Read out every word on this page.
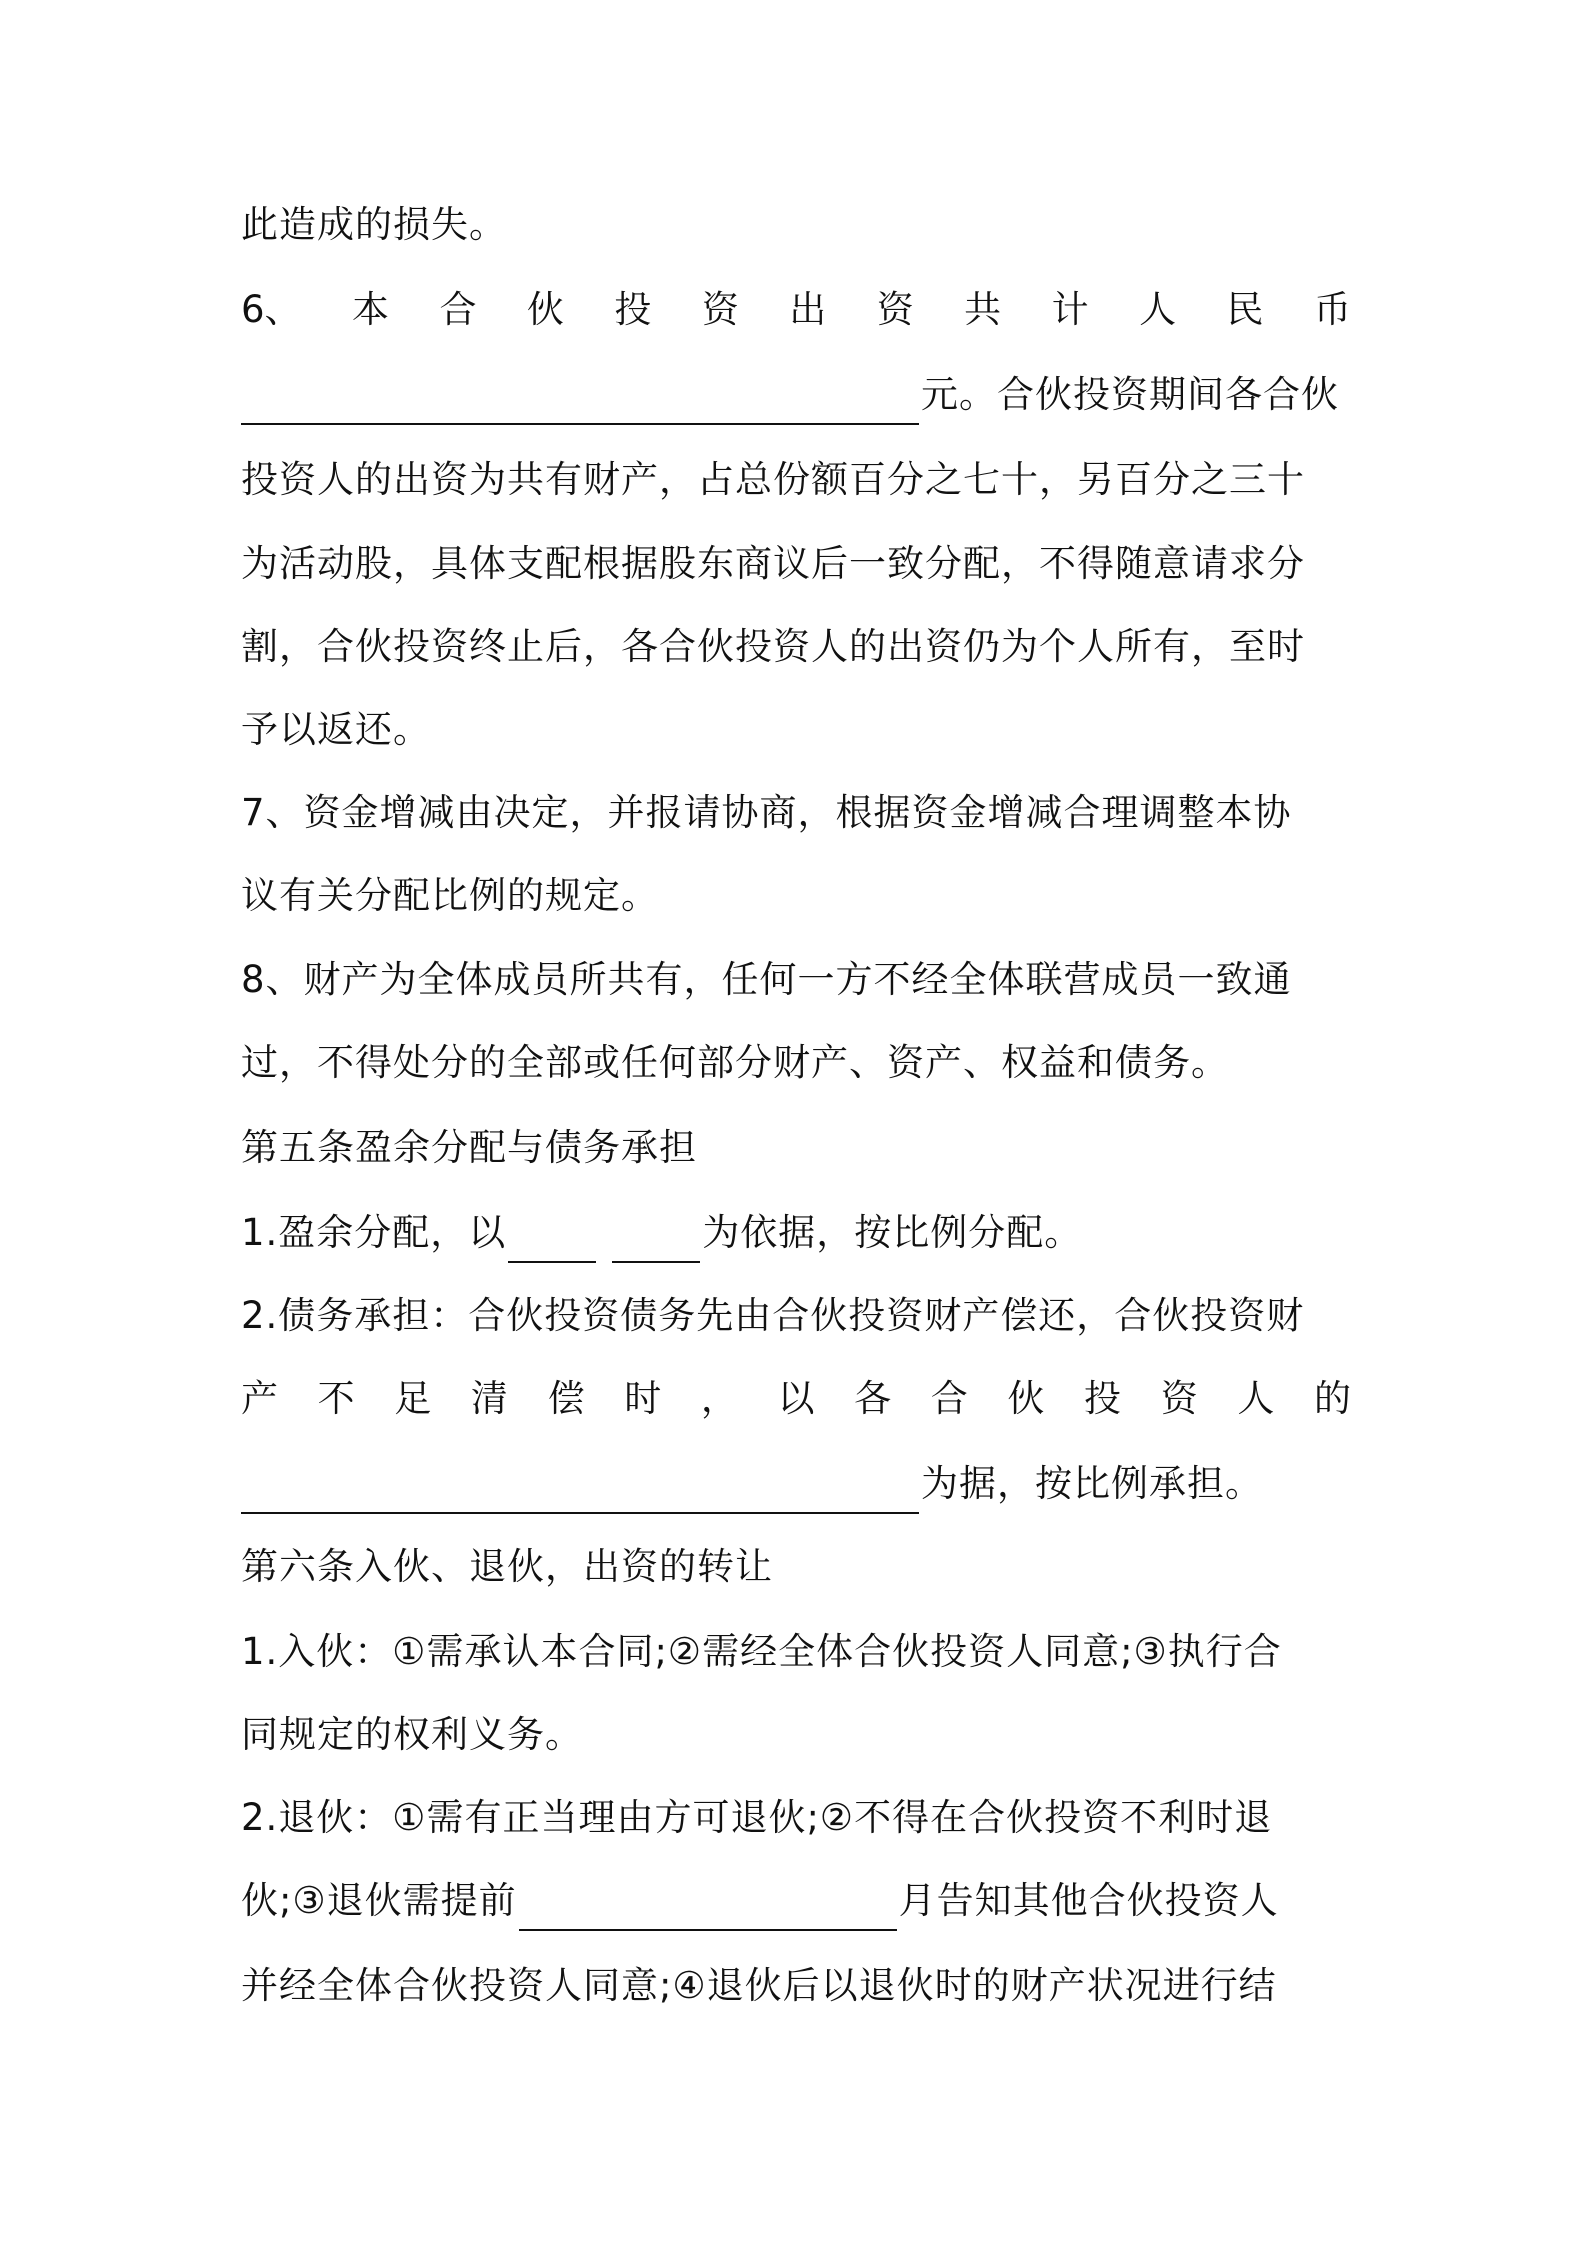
此造成的损失。
6、 本 合 伙 投 资 出 资 共 计 人 民 币
元。合伙投资期间各合伙
投资人的出资为共有财产，占总份额百分之七十，另百分之三十
为活动股，具体支配根据股东商议后一致分配，不得随意请求分
割，合伙投资终止后，各合伙投资人的出资仍为个人所有，至时
予以返还。
7、资金增减由决定，并报请协商，根据资金增减合理调整本协
议有关分配比例的规定。
8、财产为全体成员所共有，任何一方不经全体联营成员一致通
过，不得处分的全部或任何部分财产、资产、权益和债务。
第五条盈余分配与债务承担
1.盈余分配，以	为依据，按比例分配。
2.债务承担：合伙投资债务先由合伙投资财产偿还，合伙投资财
产 不 足 清 偿 时 ， 以 各 合 伙 投 资 人 的
为据，按比例承担。
第六条入伙、退伙，出资的转让
1.入伙：①需承认本合同;②需经全体合伙投资人同意;③执行合
同规定的权利义务。
2.退伙：①需有正当理由方可退伙;②不得在合伙投资不利时退
伙;③退伙需提前	月告知其他合伙投资人
并经全体合伙投资人同意;④退伙后以退伙时的财产状况进行结
